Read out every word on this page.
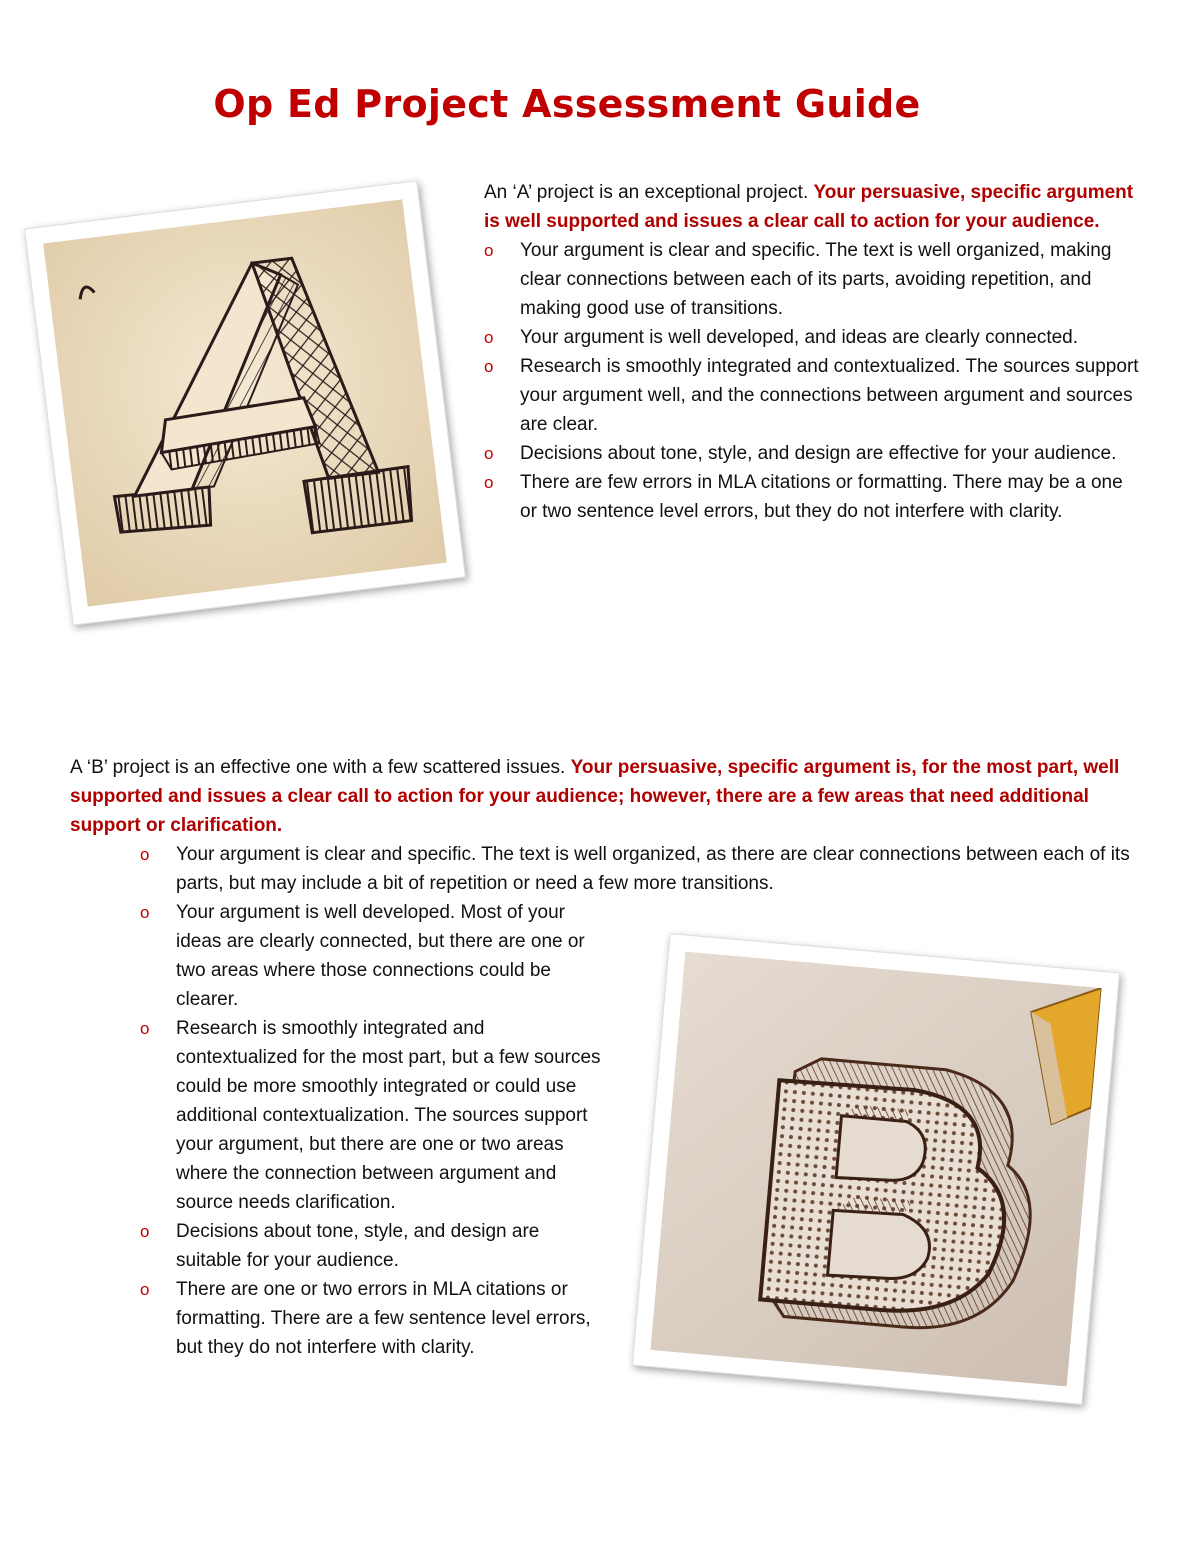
Op Ed Project Assessment Guide

An ‘A’ project is an exceptional project. Your persuasive, specific argument is well supported and issues a clear call to action for your audience.

o Your argument is clear and specific. The text is well organized, making clear connections between each of its parts, avoiding repetition, and making good use of transitions.
o Your argument is well developed, and ideas are clearly connected.
o Research is smoothly integrated and contextualized. The sources support your argument well, and the connections between argument and sources are clear.
o Decisions about tone, style, and design are effective for your audience.
o There are few errors in MLA citations or formatting. There may be a one or two sentence level errors, but they do not interfere with clarity.

A ‘B’ project is an effective one with a few scattered issues. Your persuasive, specific argument is, for the most part, well supported and issues a clear call to action for your audience; however, there are a few areas that need additional support or clarification.

o Your argument is clear and specific. The text is well organized, as there are clear connections between each of its parts, but may include a bit of repetition or need a few more transitions.
o Your argument is well developed. Most of your ideas are clearly connected, but there are one or two areas where those connections could be clearer.
o Research is smoothly integrated and contextualized for the most part, but a few sources could be more smoothly integrated or could use additional contextualization. The sources support your argument, but there are one or two areas where the connection between argument and source needs clarification.
o Decisions about tone, style, and design are suitable for your audience.
o There are one or two errors in MLA citations or formatting. There are a few sentence level errors, but they do not interfere with clarity.
